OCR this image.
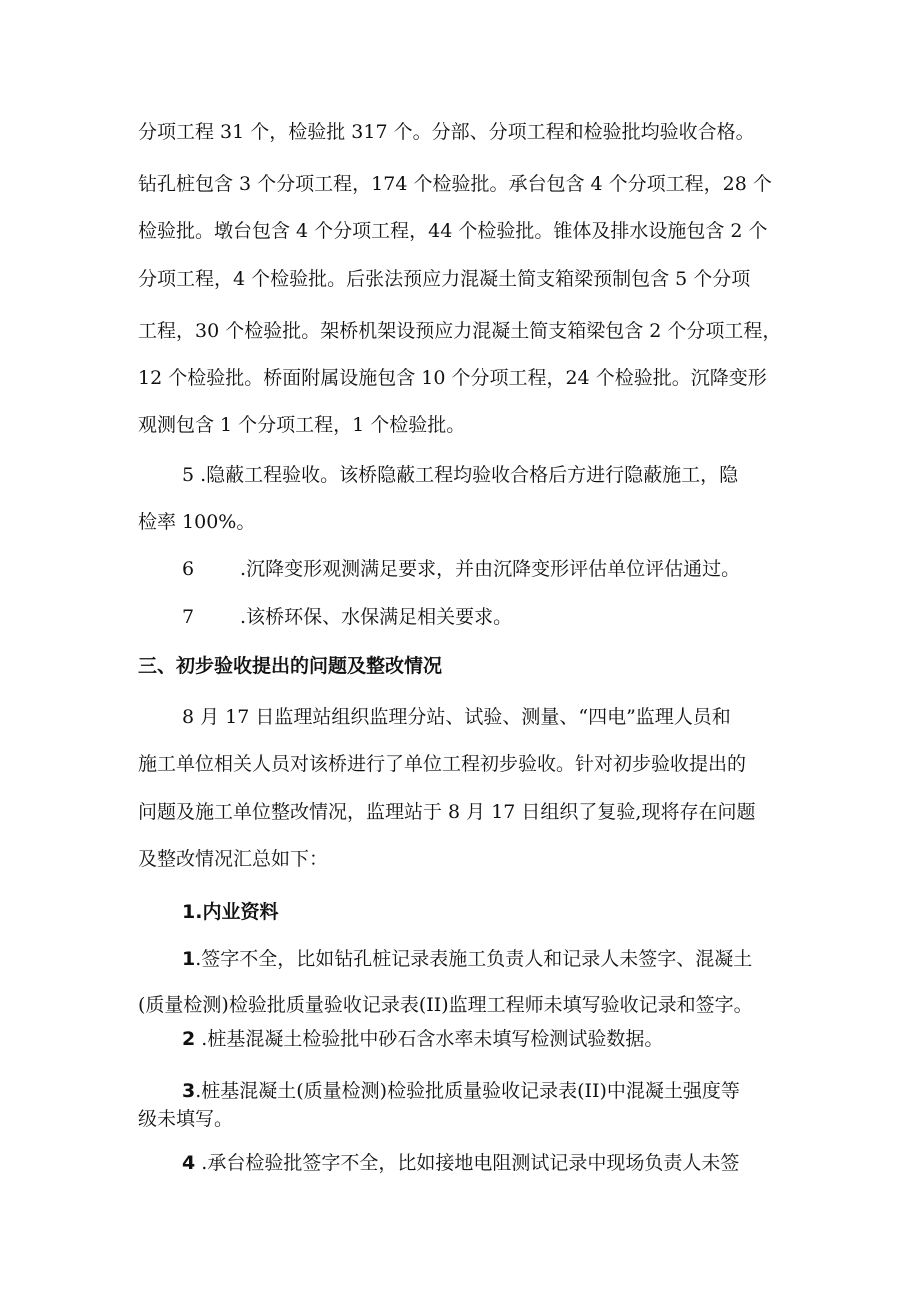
分项工程 31 个，检验批 317 个。分部、分项工程和检验批均验收合格。
钻孔桩包含 3 个分项工程，174 个检验批。承台包含 4 个分项工程，28 个
检验批。墩台包含 4 个分项工程，44 个检验批。锥体及排水设施包含 2 个
分项工程，4 个检验批。后张法预应力混凝土简支箱梁预制包含 5 个分项
工程，30 个检验批。架桥机架设预应力混凝土简支箱梁包含 2 个分项工程，
12 个检验批。桥面附属设施包含 10 个分项工程，24 个检验批。沉降变形
观测包含 1 个分项工程，1 个检验批。
5 .隐蔽工程验收。该桥隐蔽工程均验收合格后方进行隐蔽施工，隐
检率 100%。
6 .沉降变形观测满足要求，并由沉降变形评估单位评估通过。
7 .该桥环保、水保满足相关要求。
三、初步验收提出的问题及整改情况
8 月 17 日监理站组织监理分站、试验、测量、“四电”监理人员和
施工单位相关人员对该桥进行了单位工程初步验收。针对初步验收提出的
问题及施工单位整改情况，监理站于 8 月 17 日组织了复验,现将存在问题
及整改情况汇总如下：
1.内业资料
1.签字不全，比如钻孔桩记录表施工负责人和记录人未签字、混凝土
(质量检测)检验批质量验收记录表(II)监理工程师未填写验收记录和签字。
2 .桩基混凝土检验批中砂石含水率未填写检测试验数据。
3.桩基混凝土(质量检测)检验批质量验收记录表(II)中混凝土强度等
级未填写。
4 .承台检验批签字不全，比如接地电阻测试记录中现场负责人未签
